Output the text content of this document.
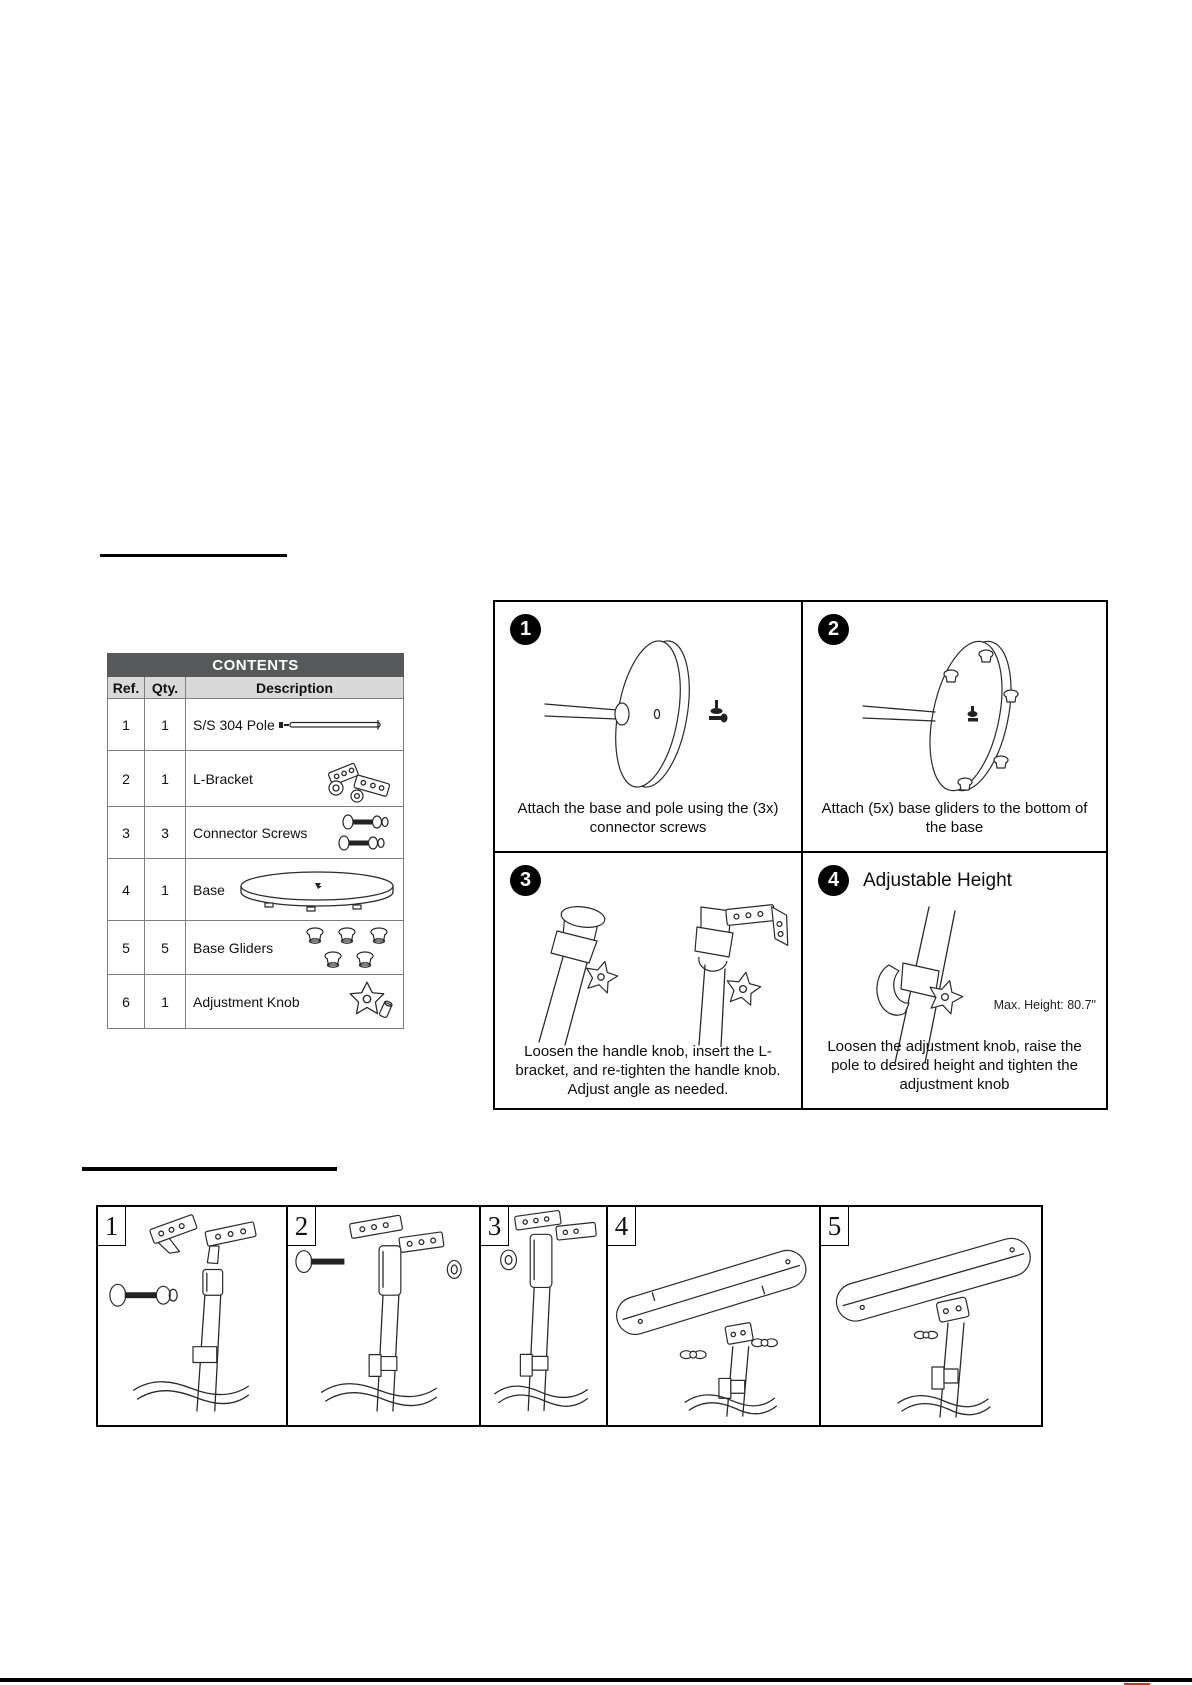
CONTENTS		
Ref.	Qty.	Description
1	1	S/S 304 Pole

2	1	L-Bracket

3	3	Connector Screws

4	1	Base

5	5	Base Gliders

6	1	Adjustment Knob
1
Attach the base and pole using the (3x) connector screws
2
Attach (5x) base gliders to the bottom of the base
3
Loosen the handle knob, insert the L-bracket, and re-tighten the handle knob. Adjust angle as needed.
4	Adjustable Height
Max. Height: 80.7"
Loosen the adjustment knob, raise the pole to desired height and tighten the adjustment knob
1	2	3	4	5
